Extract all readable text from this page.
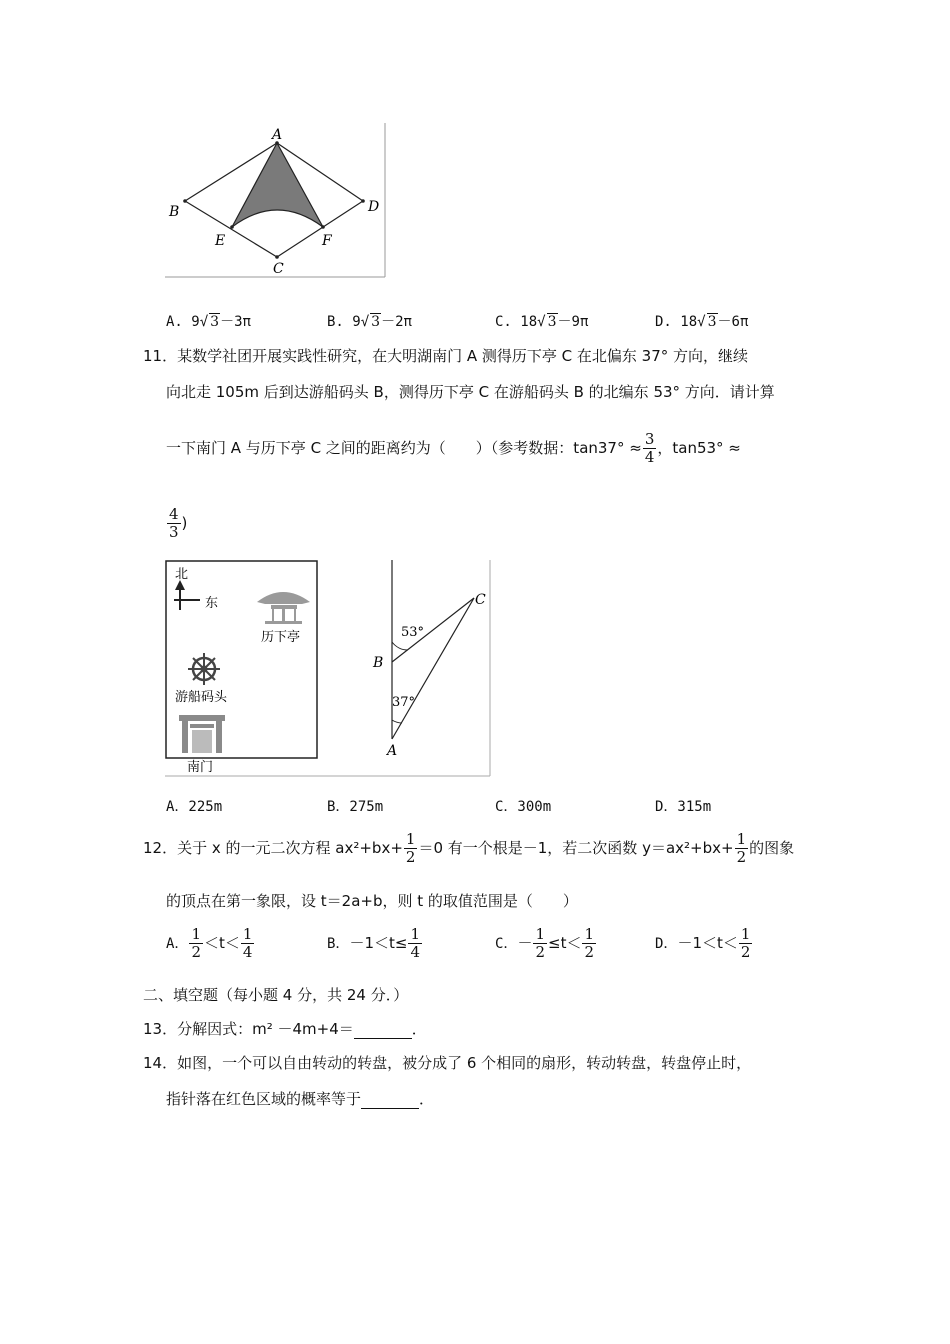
A
B	D
E	F
C
A. 9√ 3－3π	B. 9√ 3－2π	C. 18√ 3－9π	D. 18√ 3－6π
11．某数学社团开展实践性研究，在大明湖南门 A 测得历下亭 C 在北偏东 37° 方向，继续
向北走 105m 后到达游船码头 B，测得历下亭 C 在游船码头 B 的北编东 53° 方向．请计算
一下南门 A 与历下亭 C 之间的距离约为（　　）（参考数据：$\tan 37^\circ \approx \frac{3}{4}$ ，tan53° ≈
$\frac{4}{3}$ )
北
东
历下亭
游船码头
南门
53°
37°
B
C
A
A．225m	B．275m	C．300m	D．315m
12．关于 x 的一元二次方程 $ax^2+bx+ \frac{1}{2} =0$ 有一个根是－1，若二次函数 $y=ax^2+bx+ \frac{1}{2}$ 的图象
的顶点在第一象限，设 t＝2a+b，则 t 的取值范围是（　　）
A． $\frac{1}{2} <t< \frac{1}{4}$	B．$-1<t\le \frac{1}{4}$	C．－ $\frac{1}{2} \le t< \frac{1}{2}$	D．$-1<t< \frac{1}{2}$
二、填空题（每小题 4 分，共 24 分．）
13．分解因式：m² －4m+4＝	．
14．如图，一个可以自由转动的转盘，被分成了 6 个相同的扇形，转动转盘，转盘停止时，
指针落在红色区域的概率等于	．
